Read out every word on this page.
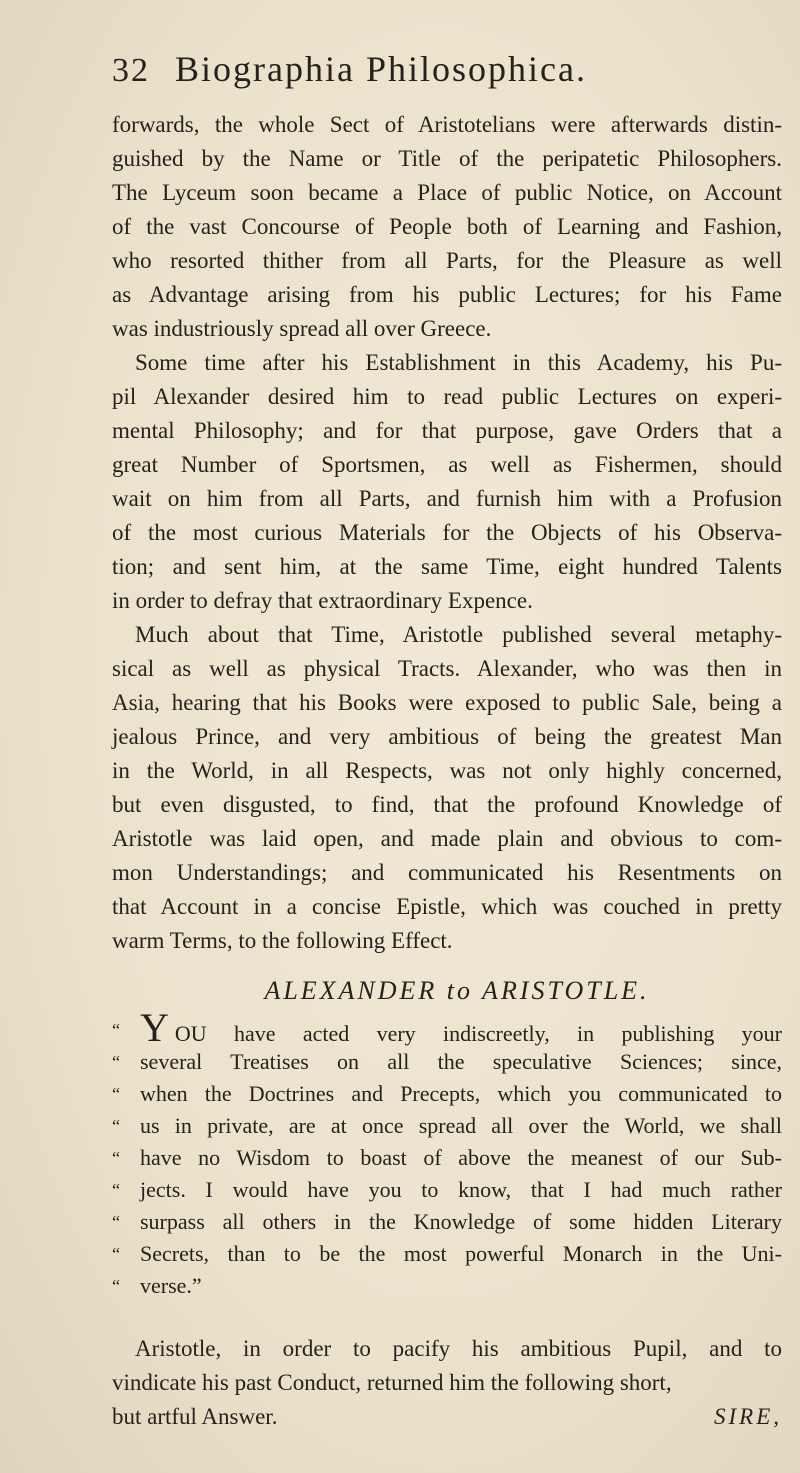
32 Biographia Philosophica.
forwards, the whole Sect of Aristotelians were afterwards distin-
guished by the Name or Title of the peripatetic Philosophers.
The Lyceum soon became a Place of public Notice, on Account
of the vast Concourse of People both of Learning and Fashion,
who resorted thither from all Parts, for the Pleasure as well
as Advantage arising from his public Lectures; for his Fame
was industriously spread all over Greece.
Some time after his Establishment in this Academy, his Pu-
pil Alexander desired him to read public Lectures on experi-
mental Philosophy; and for that purpose, gave Orders that a
great Number of Sportsmen, as well as Fishermen, should
wait on him from all Parts, and furnish him with a Profusion
of the most curious Materials for the Objects of his Observa-
tion; and sent him, at the same Time, eight hundred Talents
in order to defray that extraordinary Expence.
Much about that Time, Aristotle published several metaphy-
sical as well as physical Tracts. Alexander, who was then in
Asia, hearing that his Books were exposed to public Sale, being a
jealous Prince, and very ambitious of being the greatest Man
in the World, in all Respects, was not only highly concerned,
but even disgusted, to find, that the profound Knowledge of
Aristotle was laid open, and made plain and obvious to com-
mon Understandings; and communicated his Resentments on
that Account in a concise Epistle, which was couched in pretty
warm Terms, to the following Effect.
ALEXANDER to ARISTOTLE.
“ YOU have acted very indiscreetly, in publishing your
“ several Treatises on all the speculative Sciences; since,
“ when the Doctrines and Precepts, which you communicated to
“ us in private, are at once spread all over the World, we shall
“ have no Wisdom to boast of above the meanest of our Sub-
“ jects. I would have you to know, that I had much rather
“ surpass all others in the Knowledge of some hidden Literary
“ Secrets, than to be the most powerful Monarch in the Uni-
“ verse.”
Aristotle, in order to pacify his ambitious Pupil, and to
vindicate his past Conduct, returned him the following short,
but artful Answer.	SIRE,
